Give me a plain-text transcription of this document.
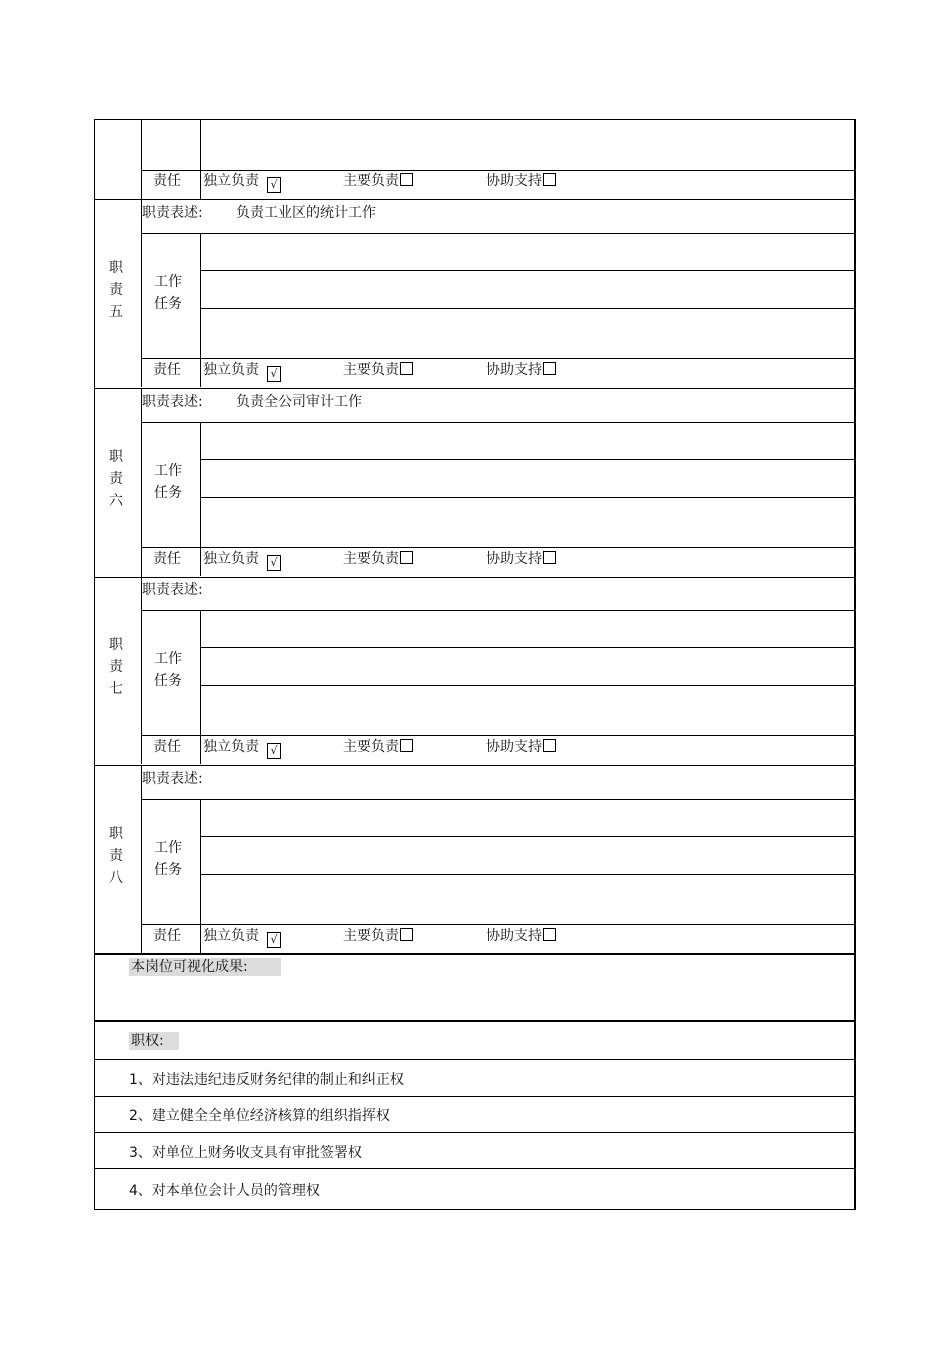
责任 独立负责 √	主要负责	协助支持
职
责
五
职责表述: 负责工业区的统计工作
工作
任务
责任 独立负责 √	主要负责	协助支持
职
责
六
职责表述: 负责全公司审计工作
工作
任务
责任 独立负责 √	主要负责	协助支持
职
责
七
职责表述:
工作
任务
责任 独立负责 √	主要负责	协助支持
职
责
八
职责表述:
工作
任务
责任 独立负责 √	主要负责	协助支持
本岗位可视化成果:
职权:
1、对违法违纪违反财务纪律的制止和纠正权
2、建立健全全单位经济核算的组织指挥权
3、对单位上财务收支具有审批签署权
4、对本单位会计人员的管理权
